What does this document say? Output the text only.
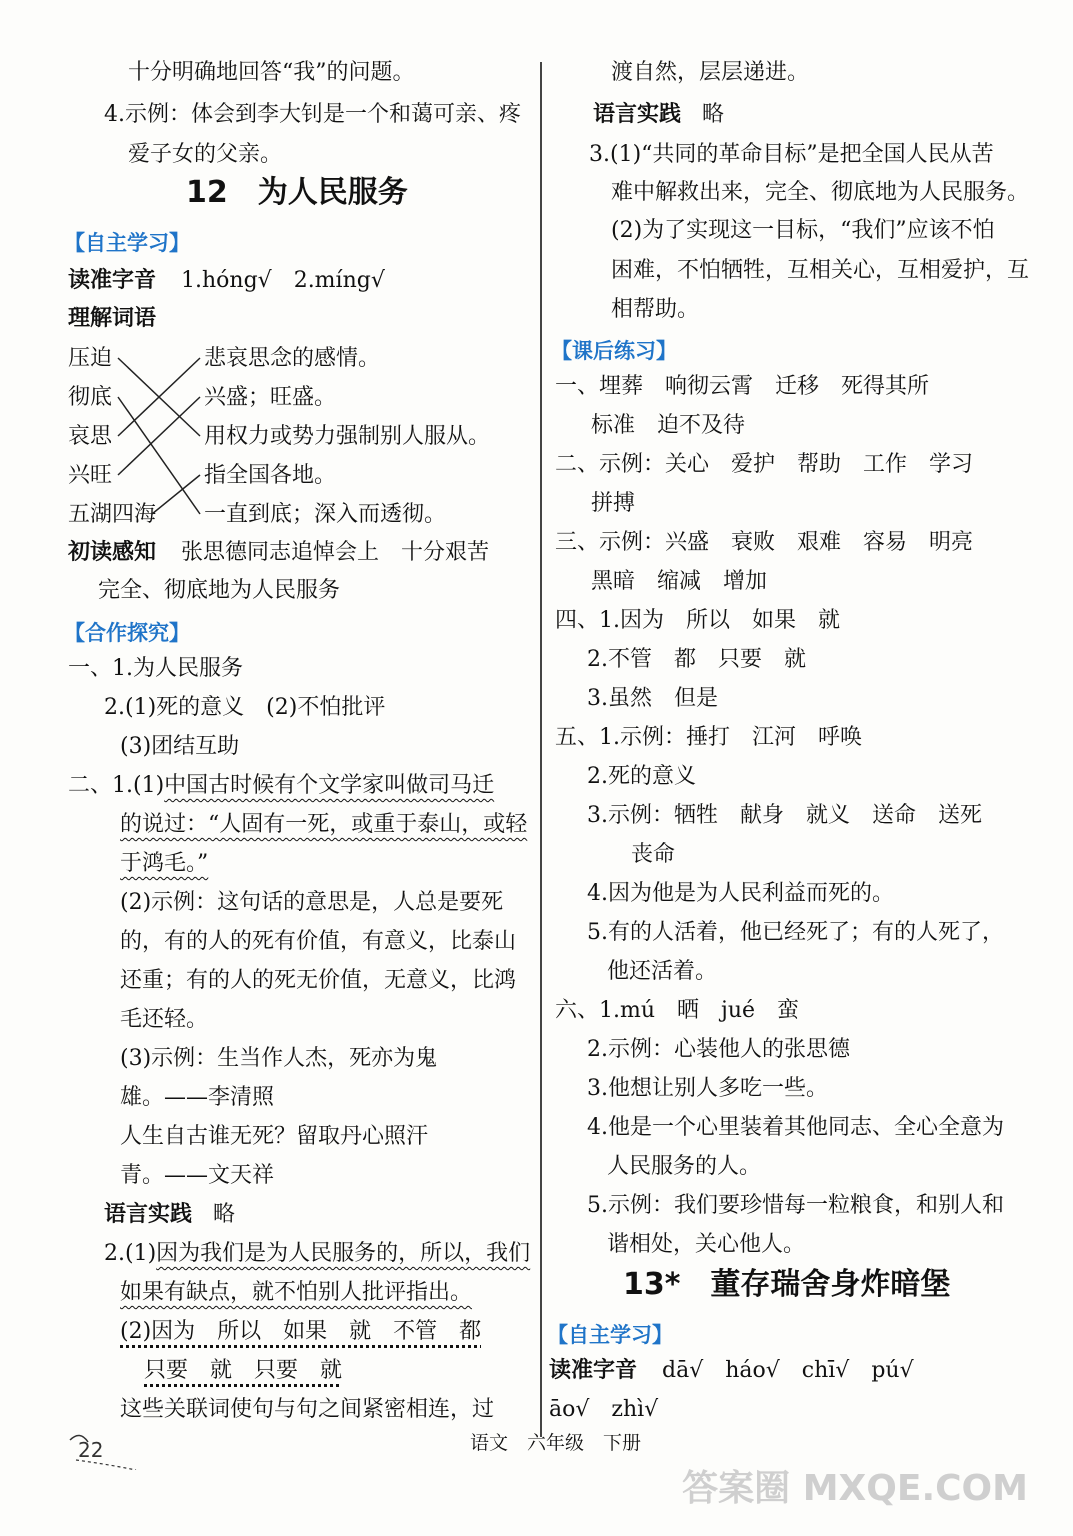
十分明确地回答“我”的问题。
4.示例：体会到李大钊是一个和蔼可亲、疼
爱子女的父亲。
12　为人民服务
【自主学习】
读准字音 1.hóng√　2.míng√
理解词语
压迫
彻底
哀思
兴旺
五湖四海
悲哀思念的感情。
兴盛；旺盛。
用权力或势力强制别人服从。
指全国各地。
一直到底；深入而透彻。
初读感知 张思德同志追悼会上　十分艰苦
完全、彻底地为人民服务
【合作探究】
一、1.为人民服务
2.(1)死的意义　(2)不怕批评
(3)团结互助
二、1.(1)中国古时候有个文学家叫做司马迁
的说过：“人固有一死，或重于泰山，或轻
于鸿毛。”
(2)示例：这句话的意思是，人总是要死
的，有的人的死有价值，有意义，比泰山
还重；有的人的死无价值，无意义，比鸿
毛还轻。
(3)示例：生当作人杰，死亦为鬼
雄。——李清照
人生自古谁无死？留取丹心照汗
青。——文天祥
语言实践 略
2.(1)因为我们是为人民服务的，所以，我们
如果有缺点，就不怕别人批评指出。
(2)因为　所以　如果　就　不管　都
只要　就　只要　就
这些关联词使句与句之间紧密相连，过
渡自然，层层递进。
语言实践 略
3.(1)“共同的革命目标”是把全国人民从苦
难中解救出来，完全、彻底地为人民服务。
(2)为了实现这一目标，“我们”应该不怕
困难，不怕牺牲，互相关心，互相爱护，互
相帮助。
【课后练习】
一、埋葬　响彻云霄　迁移　死得其所
标准　迫不及待
二、示例：关心　爱护　帮助　工作　学习
拼搏
三、示例：兴盛　衰败　艰难　容易　明亮
黑暗　缩减　增加
四、1.因为　所以　如果　就
2.不管　都　只要　就
3.虽然　但是
五、1.示例：捶打　江河　呼唤
2.死的意义
3.示例：牺牲　献身　就义　送命　送死
丧命
4.因为他是为人民利益而死的。
5.有的人活着，他已经死了；有的人死了，
他还活着。
六、1.mú　晒　jué　蛮
2.示例：心装他人的张思德
3.他想让别人多吃一些。
4.他是一个心里装着其他同志、全心全意为
人民服务的人。
5.示例：我们要珍惜每一粒粮食，和别人和
谐相处，关心他人。
13*　董存瑞舍身炸暗堡
【自主学习】
读准字音 dā√　háo√　chī√　pú√
āo√　zhì√
22	语文　六年级　下册
答案圈 MXQE.COM
